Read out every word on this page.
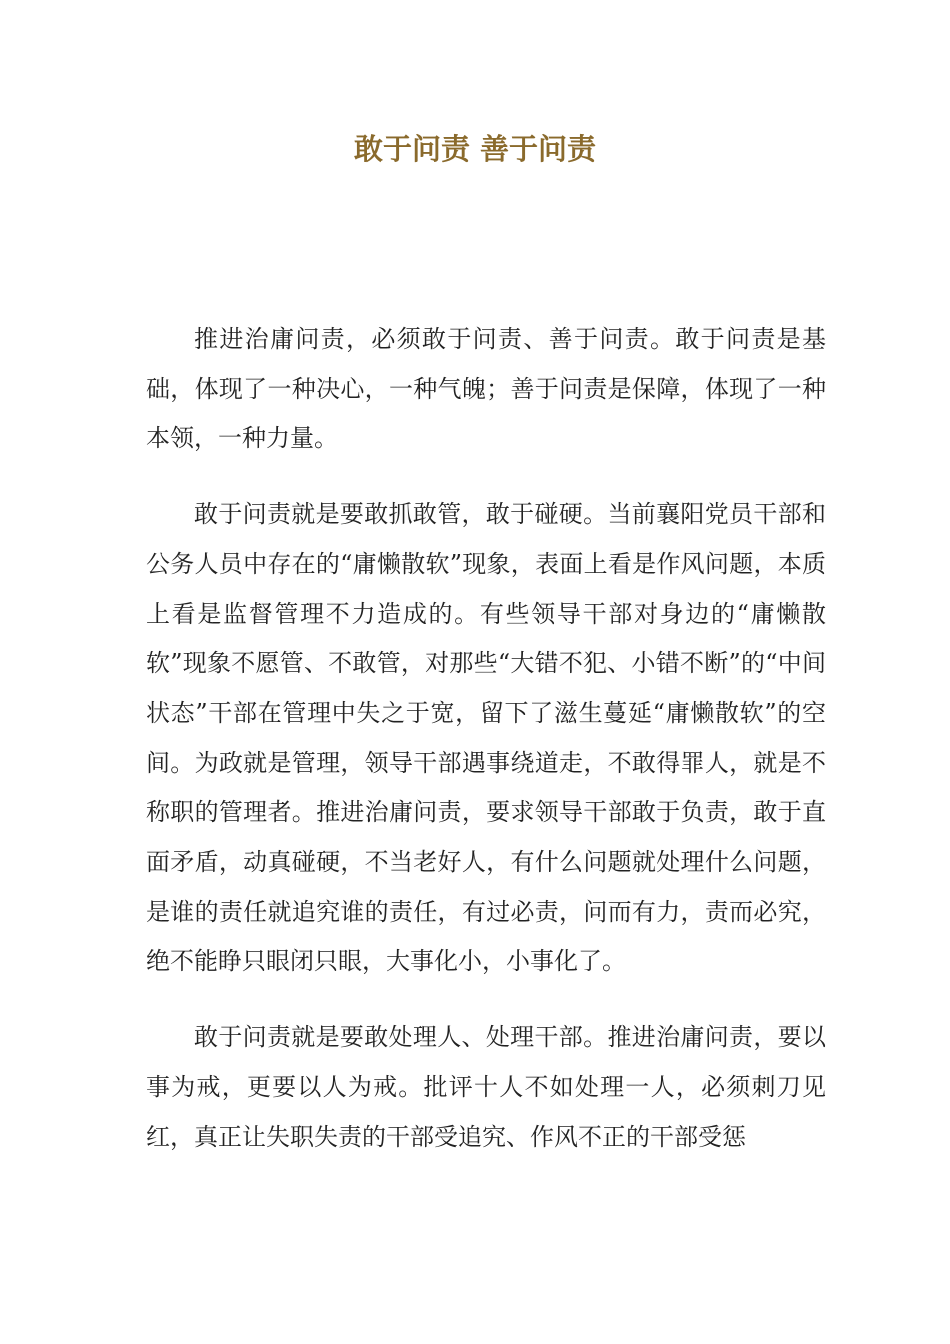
敢于问责 善于问责

推进治庸问责，必须敢于问责、善于问责。敢于问责是基础，体现了一种决心，一种气魄；善于问责是保障，体现了一种本领，一种力量。

敢于问责就是要敢抓敢管，敢于碰硬。当前襄阳党员干部和公务人员中存在的“庸懒散软”现象，表面上看是作风问题，本质上看是监督管理不力造成的。有些领导干部对身边的“庸懒散软”现象不愿管、不敢管，对那些“大错不犯、小错不断”的“中间状态”干部在管理中失之于宽，留下了滋生蔓延“庸懒散软”的空间。为政就是管理，领导干部遇事绕道走，不敢得罪人，就是不称职的管理者。推进治庸问责，要求领导干部敢于负责，敢于直面矛盾，动真碰硬，不当老好人，有什么问题就处理什么问题，是谁的责任就追究谁的责任，有过必责，问而有力，责而必究，绝不能睁只眼闭只眼，大事化小，小事化了。

敢于问责就是要敢处理人、处理干部。推进治庸问责，要以事为戒，更要以人为戒。批评十人不如处理一人，必须刺刀见红，真正让失职失责的干部受追究、作风不正的干部受惩
